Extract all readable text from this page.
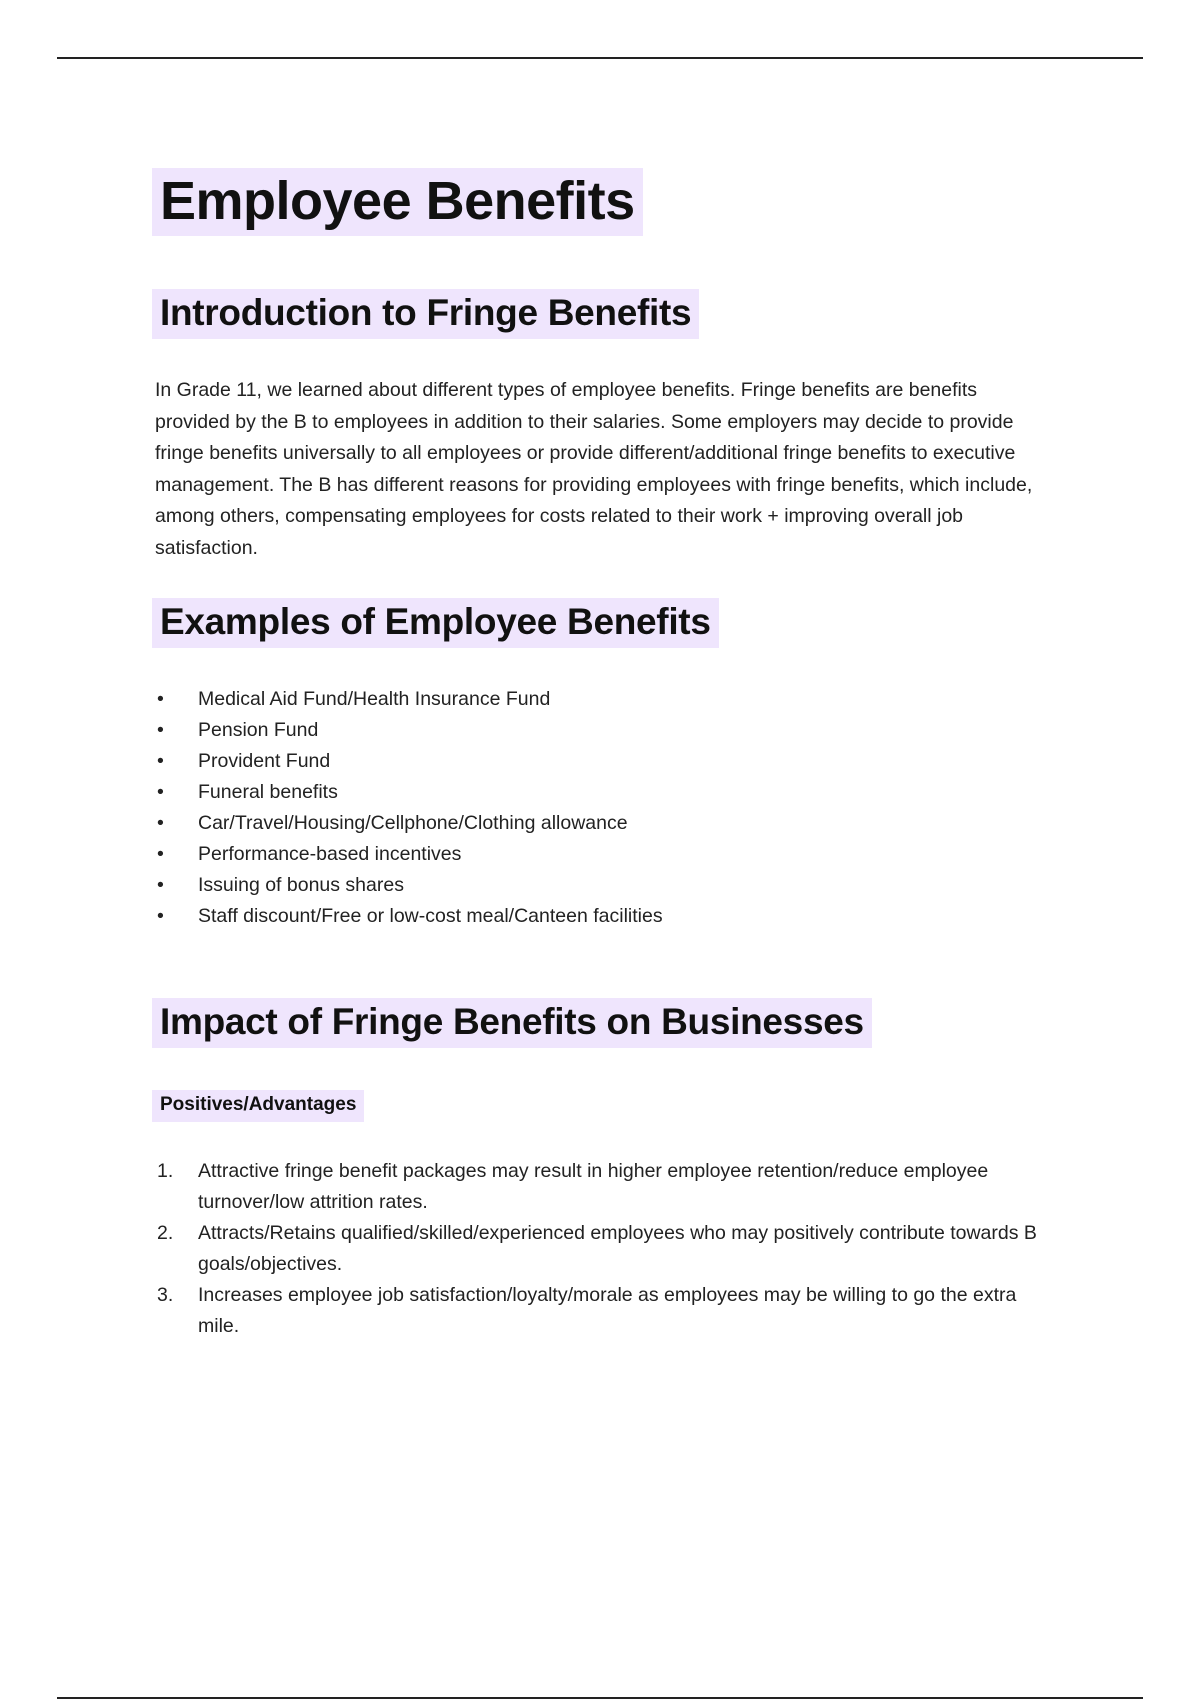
Employee Benefits
Introduction to Fringe Benefits

In Grade 11, we learned about different types of employee benefits. Fringe benefits are benefits provided by the B to employees in addition to their salaries. Some employers may decide to provide fringe benefits universally to all employees or provide different/additional fringe benefits to executive management. The B has different reasons for providing employees with fringe benefits, which include, among others, compensating employees for costs related to their work + improving overall job satisfaction.

Examples of Employee Benefits
•	Medical Aid Fund/Health Insurance Fund
•	Pension Fund
•	Provident Fund
•	Funeral benefits
•	Car/Travel/Housing/Cellphone/Clothing allowance
•	Performance-based incentives
•	Issuing of bonus shares
•	Staff discount/Free or low-cost meal/Canteen facilities
Impact of Fringe Benefits on Businesses
Positives/Advantages
1. Attractive fringe benefit packages may result in higher employee retention/reduce employee turnover/low attrition rates.
2. Attracts/Retains qualified/skilled/experienced employees who may positively contribute towards B goals/objectives.
3. Increases employee job satisfaction/loyalty/morale as employees may be willing to go the extra mile.
